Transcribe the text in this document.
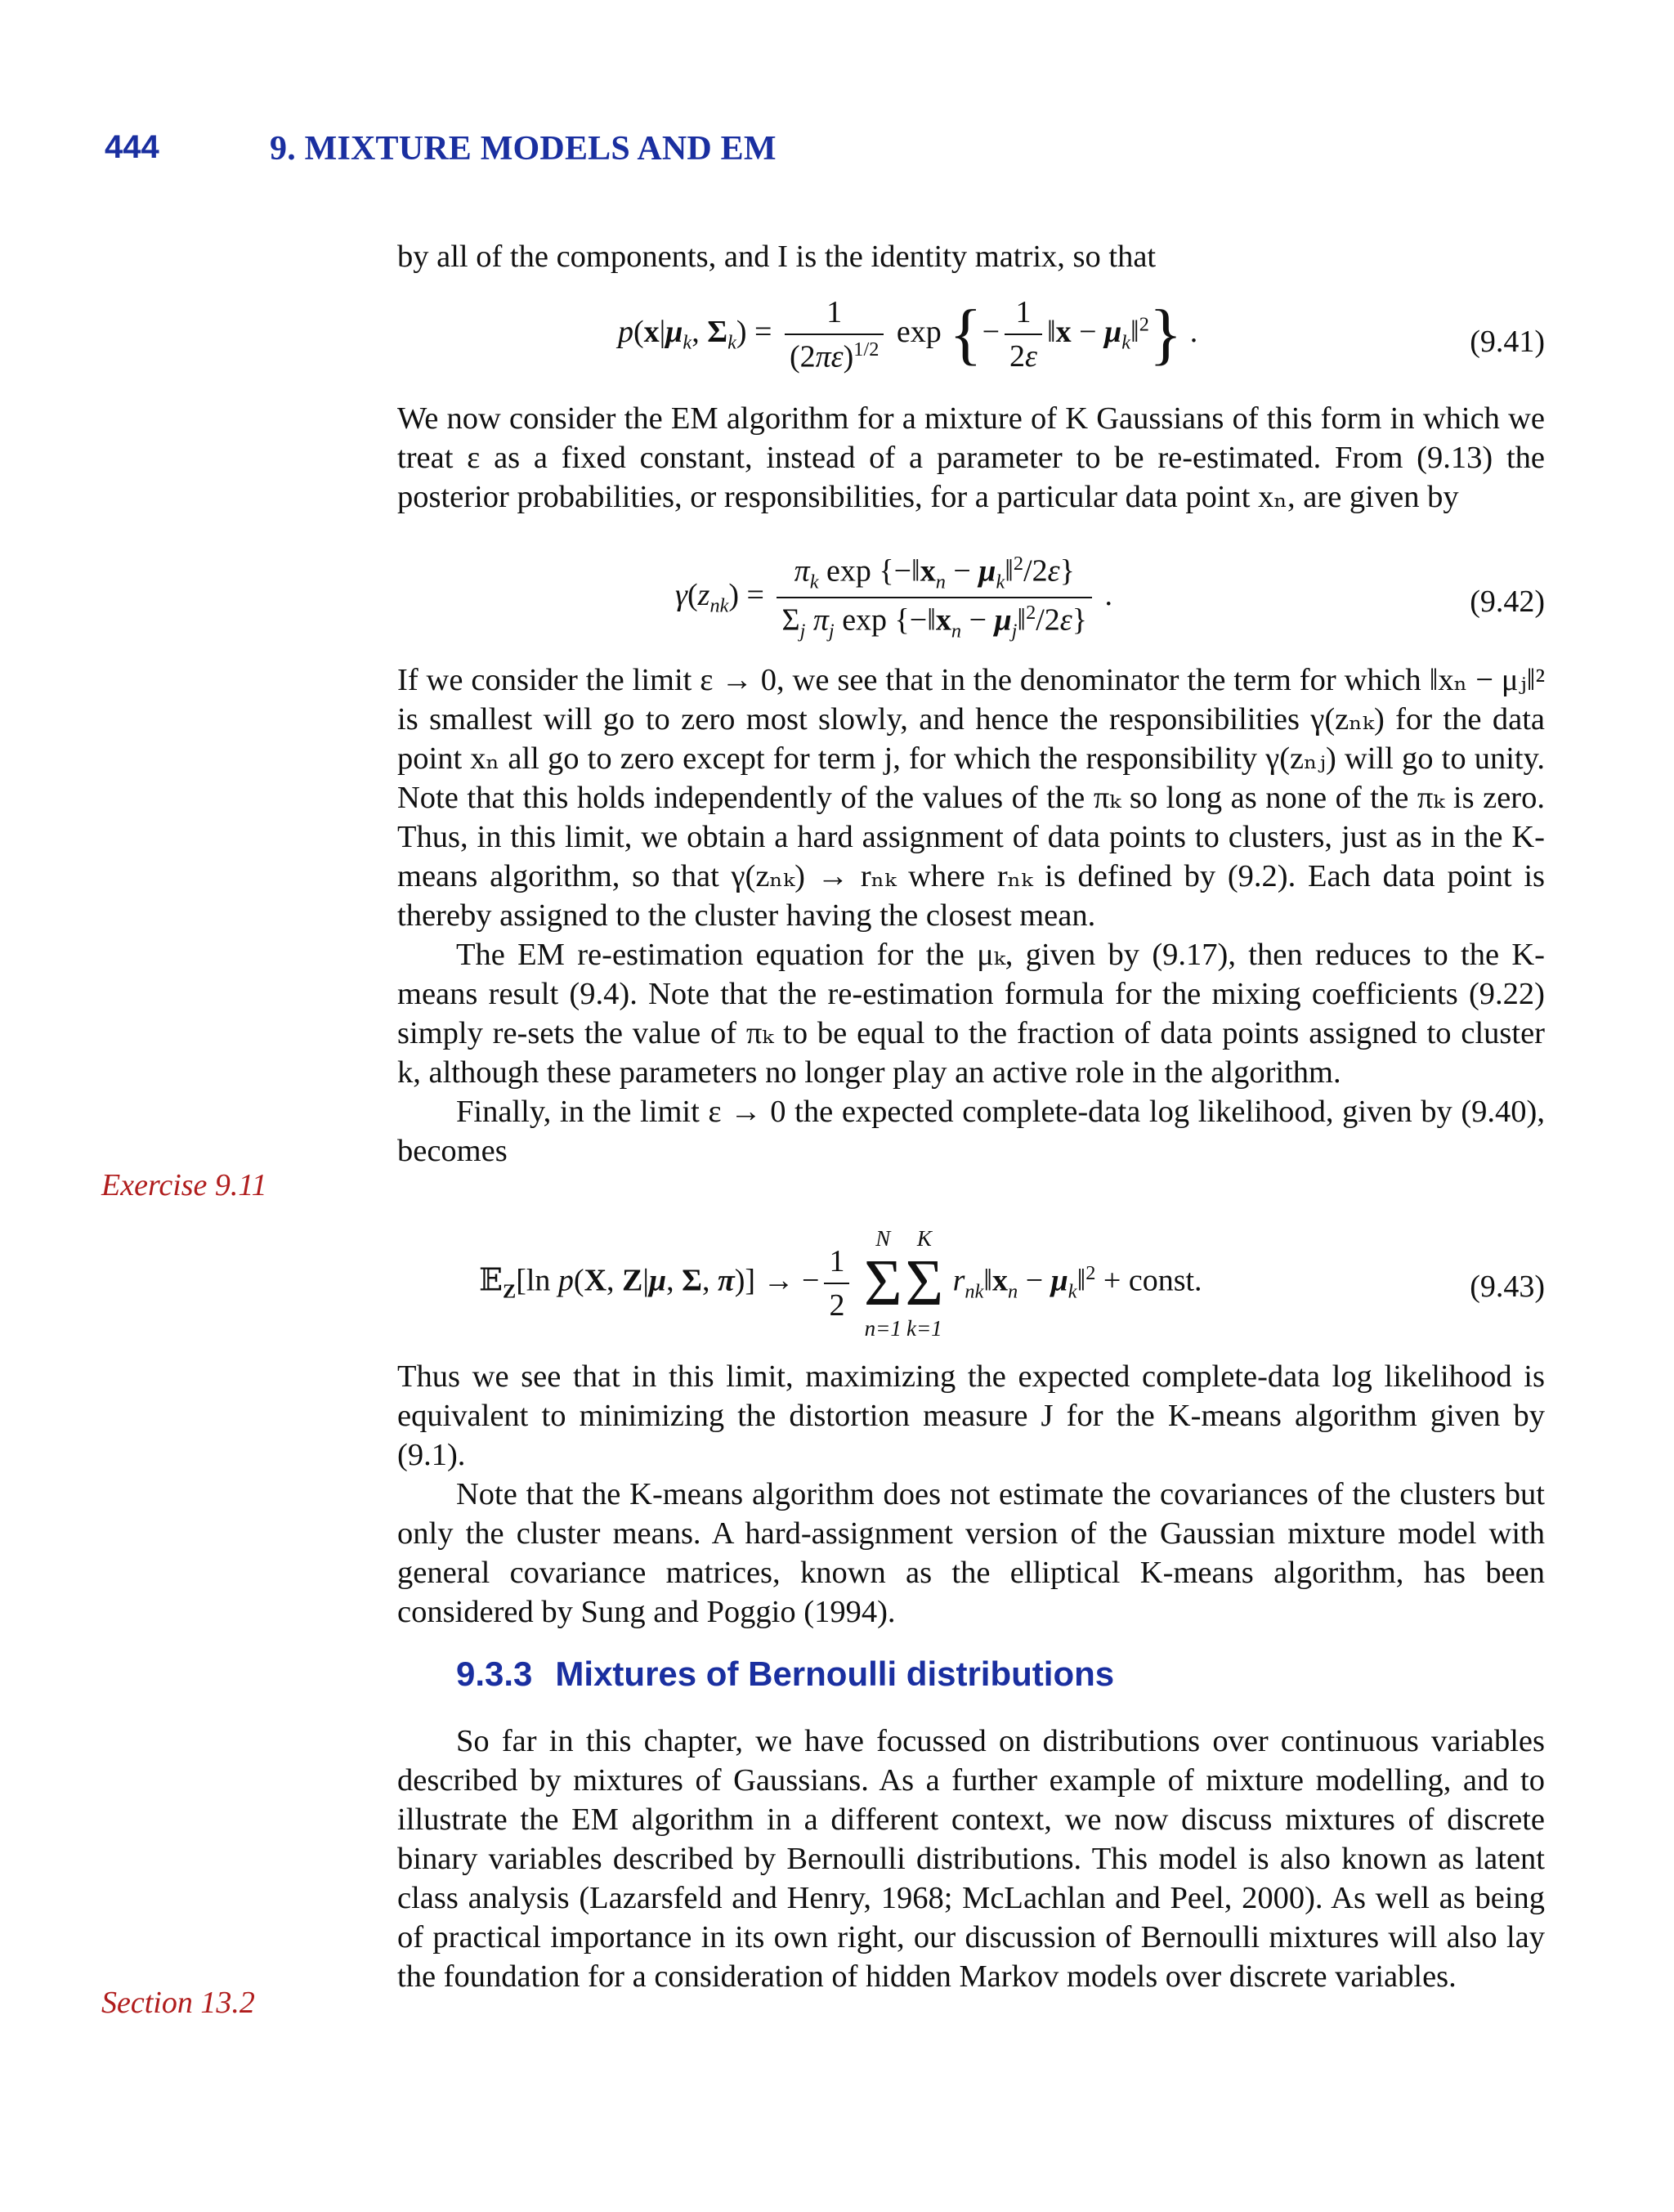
444	9. MIXTURE MODELS AND EM

by all of the components, and I is the identity matrix, so that

$p(x|\mu_k$, $\Sigma_k) = \frac{1}{(2\pi\varepsilon)^{1/2}}$ exp {− $\frac{1}{2\varepsilon}$ ‖x − $\mu_k‖^2$} .	(9.41)

We now consider the EM algorithm for a mixture of K Gaussians of this form in which we treat ε as a fixed constant, instead of a parameter to be re-estimated. From (9.13) the posterior probabilities, or responsibilities, for a particular data point xₙ, are given by

$\gamma(z_{nk}) = \frac{\pi_k \exp \{-‖x_n - \mu_k‖^2/2\varepsilon\}}{\Sigma_j \pi_j \exp \{-‖x_n - \mu_j‖^2/2\varepsilon\}}$ .	(9.42)

If we consider the limit ε → 0, we see that in the denominator the term for which ‖xₙ − μⱼ‖² is smallest will go to zero most slowly, and hence the responsibilities γ(zₙₖ) for the data point xₙ all go to zero except for term j, for which the responsibility γ(zₙⱼ) will go to unity. Note that this holds independently of the values of the πₖ so long as none of the πₖ is zero. Thus, in this limit, we obtain a hard assignment of data points to clusters, just as in the K-means algorithm, so that γ(zₙₖ) → rₙₖ where rₙₖ is defined by (9.2). Each data point is thereby assigned to the cluster having the closest mean.

The EM re-estimation equation for the μₖ, given by (9.17), then reduces to the K-means result (9.4). Note that the re-estimation formula for the mixing coefficients (9.22) simply re-sets the value of πₖ to be equal to the fraction of data points assigned to cluster k, although these parameters no longer play an active role in the algorithm.

Finally, in the limit ε → 0 the expected complete-data log likelihood, given by (9.40), becomes

Exercise 9.11
𝔼$_Z$[ln p(X, Z|μ, Σ, π)] → − $\frac{1}{2}$

N
Σ
n=1
K
Σ
k=1
$r_{nk}‖x_n$ − $\mu_k‖^2$ + const.	(9.43)

Thus we see that in this limit, maximizing the expected complete-data log likelihood is equivalent to minimizing the distortion measure J for the K-means algorithm given by (9.1).

Note that the K-means algorithm does not estimate the covariances of the clusters but only the cluster means. A hard-assignment version of the Gaussian mixture model with general covariance matrices, known as the elliptical K-means algorithm, has been considered by Sung and Poggio (1994).

9.3.3 Mixtures of Bernoulli distributions

So far in this chapter, we have focussed on distributions over continuous variables described by mixtures of Gaussians. As a further example of mixture modelling, and to illustrate the EM algorithm in a different context, we now discuss mixtures of discrete binary variables described by Bernoulli distributions. This model is also known as latent class analysis (Lazarsfeld and Henry, 1968; McLachlan and Peel, 2000). As well as being of practical importance in its own right, our discussion of Bernoulli mixtures will also lay the foundation for a consideration of hidden Markov models over discrete variables.

Section 13.2
